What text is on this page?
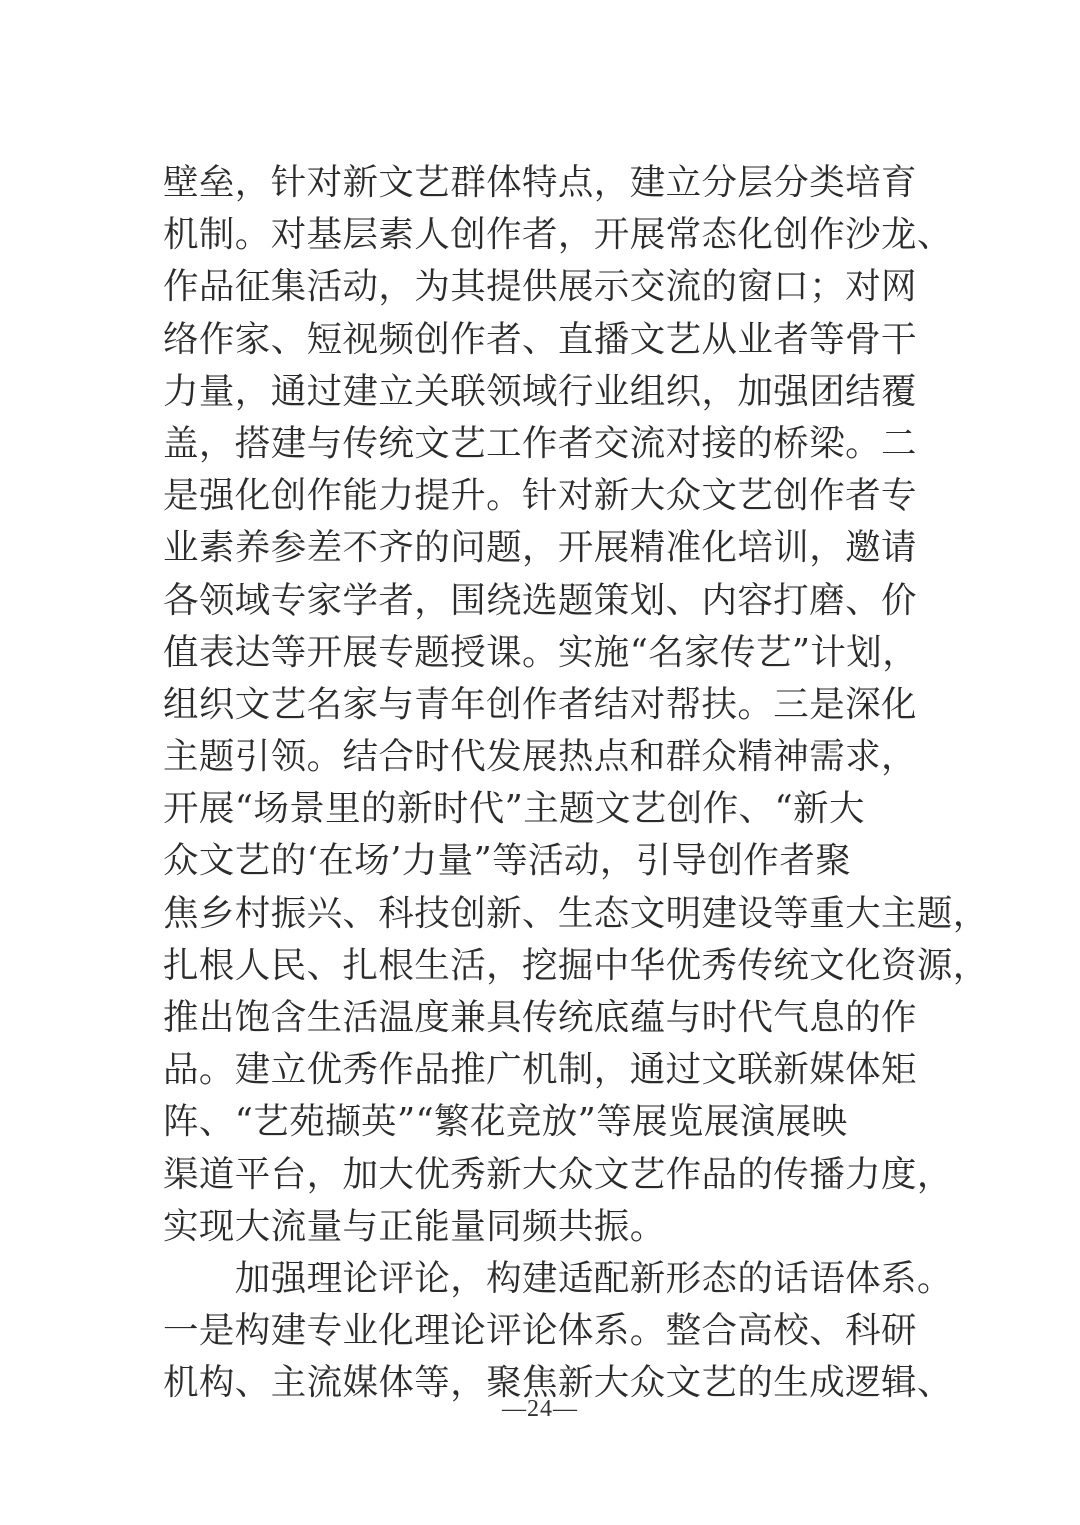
壁垒，针对新文艺群体特点，建立分层分类培育
机制。对基层素人创作者，开展常态化创作沙龙、
作品征集活动，为其提供展示交流的窗口；对网
络作家、短视频创作者、直播文艺从业者等骨干
力量，通过建立关联领域行业组织，加强团结覆
盖，搭建与传统文艺工作者交流对接的桥梁。二
是强化创作能力提升。针对新大众文艺创作者专
业素养参差不齐的问题，开展精准化培训，邀请
各领域专家学者，围绕选题策划、内容打磨、价
值表达等开展专题授课。实施“名家传艺”计划，
组织文艺名家与青年创作者结对帮扶。三是深化
主题引领。结合时代发展热点和群众精神需求，
开展“场景里的新时代”主题文艺创作、“新大
众文艺的‘在场’力量”等活动，引导创作者聚
焦乡村振兴、科技创新、生态文明建设等重大主题，
扎根人民、扎根生活，挖掘中华优秀传统文化资源，
推出饱含生活温度兼具传统底蕴与时代气息的作
品。建立优秀作品推广机制，通过文联新媒体矩
阵、“艺苑撷英”“繁花竞放”等展览展演展映
渠道平台，加大优秀新大众文艺作品的传播力度，
实现大流量与正能量同频共振。
　　加强理论评论，构建适配新形态的话语体系。
一是构建专业化理论评论体系。整合高校、科研
机构、主流媒体等，聚焦新大众文艺的生成逻辑、
—24—
